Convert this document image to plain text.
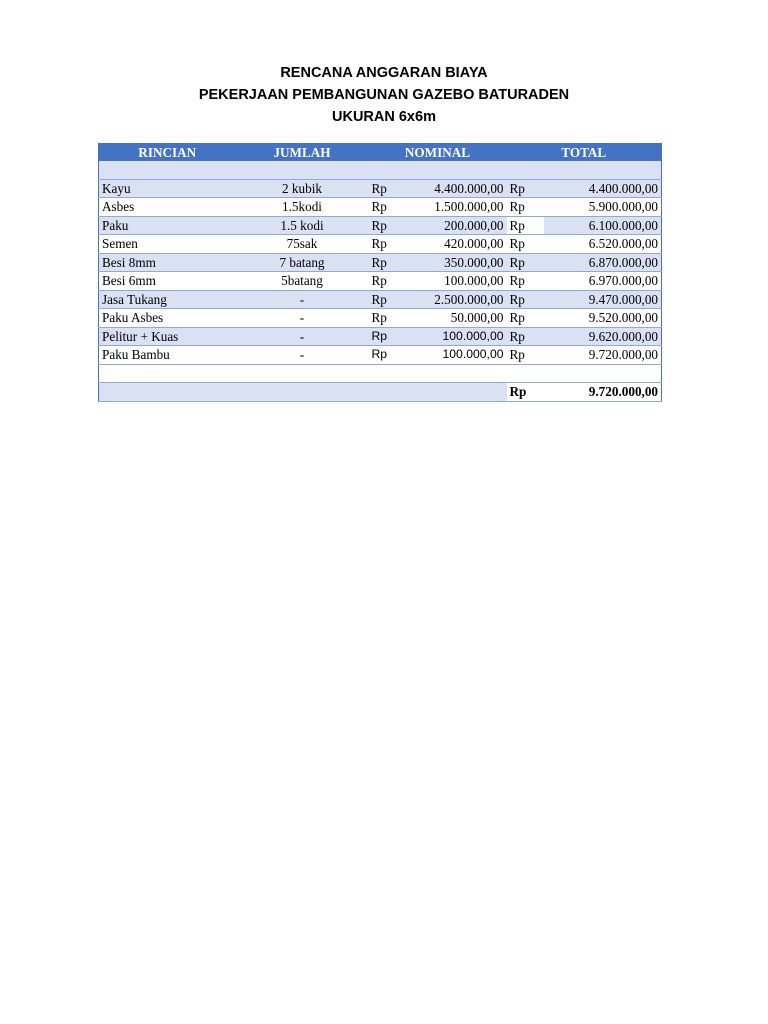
RENCANA ANGGARAN BIAYA
PEKERJAAN PEMBANGUNAN GAZEBO BATURADEN
UKURAN 6x6m
RINCIAN	JUMLAH	NOMINAL		TOTAL	

Kayu	2 kubik	Rp	4.400.000,00	Rp	4.400.000,00
Asbes	1.5kodi	Rp	1.500.000,00	Rp	5.900.000,00
Paku	1.5 kodi	Rp	200.000,00	Rp	6.100.000,00
Semen	75sak	Rp	420.000,00	Rp	6.520.000,00
Besi 8mm	7 batang	Rp	350.000,00	Rp	6.870.000,00
Besi 6mm	5batang	Rp	100.000,00	Rp	6.970.000,00
Jasa Tukang	-	Rp	2.500.000,00	Rp	9.470.000,00
Paku Asbes	-	Rp	50.000,00	Rp	9.520.000,00
Pelitur + Kuas	-	Rp	100.000,00	Rp	9.620.000,00
Paku Bambu	-	Rp	100.000,00	Rp	9.720.000,00

				Rp	9.720.000,00
